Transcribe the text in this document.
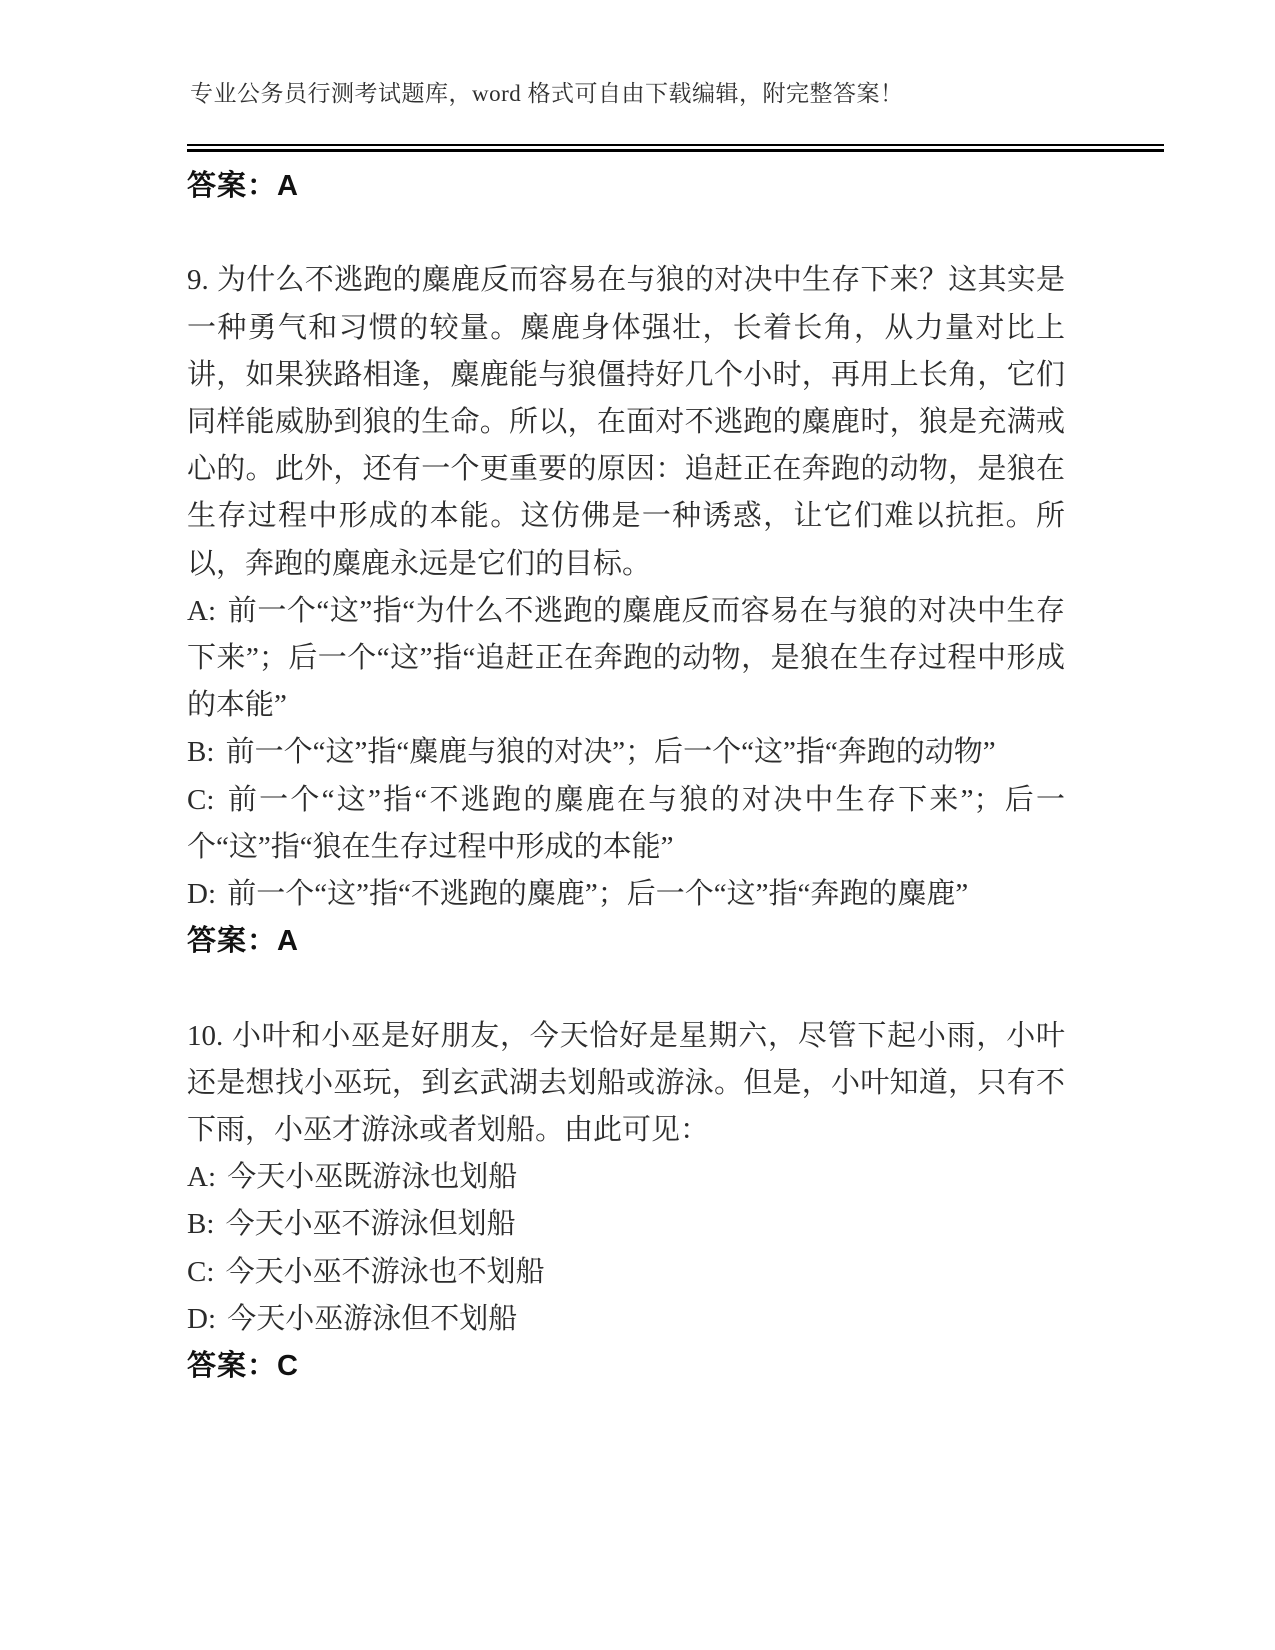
专业公务员行测考试题库，word 格式可自由下载编辑，附完整答案！

答案：A

9. 为什么不逃跑的麋鹿反而容易在与狼的对决中生存下来？这其实是一种勇气和习惯的较量。麋鹿身体强壮，长着长角，从力量对比上讲，如果狭路相逢，麋鹿能与狼僵持好几个小时，再用上长角，它们同样能威胁到狼的生命。所以，在面对不逃跑的麋鹿时，狼是充满戒心的。此外，还有一个更重要的原因：追赶正在奔跑的动物，是狼在生存过程中形成的本能。这仿佛是一种诱惑，让它们难以抗拒。所以，奔跑的麋鹿永远是它们的目标。

A: 前一个“这”指“为什么不逃跑的麋鹿反而容易在与狼的对决中生存下来”；后一个“这”指“追赶正在奔跑的动物，是狼在生存过程中形成的本能”

B: 前一个“这”指“麋鹿与狼的对决”；后一个“这”指“奔跑的动物”

C: 前一个“这”指“不逃跑的麋鹿在与狼的对决中生存下来”；后一个“这”指“狼在生存过程中形成的本能”

D: 前一个“这”指“不逃跑的麋鹿”；后一个“这”指“奔跑的麋鹿”

答案：A

10. 小叶和小巫是好朋友，今天恰好是星期六，尽管下起小雨，小叶还是想找小巫玩，到玄武湖去划船或游泳。但是，小叶知道，只有不下雨，小巫才游泳或者划船。由此可见：

A: 今天小巫既游泳也划船

B: 今天小巫不游泳但划船

C: 今天小巫不游泳也不划船

D: 今天小巫游泳但不划船

答案：C
